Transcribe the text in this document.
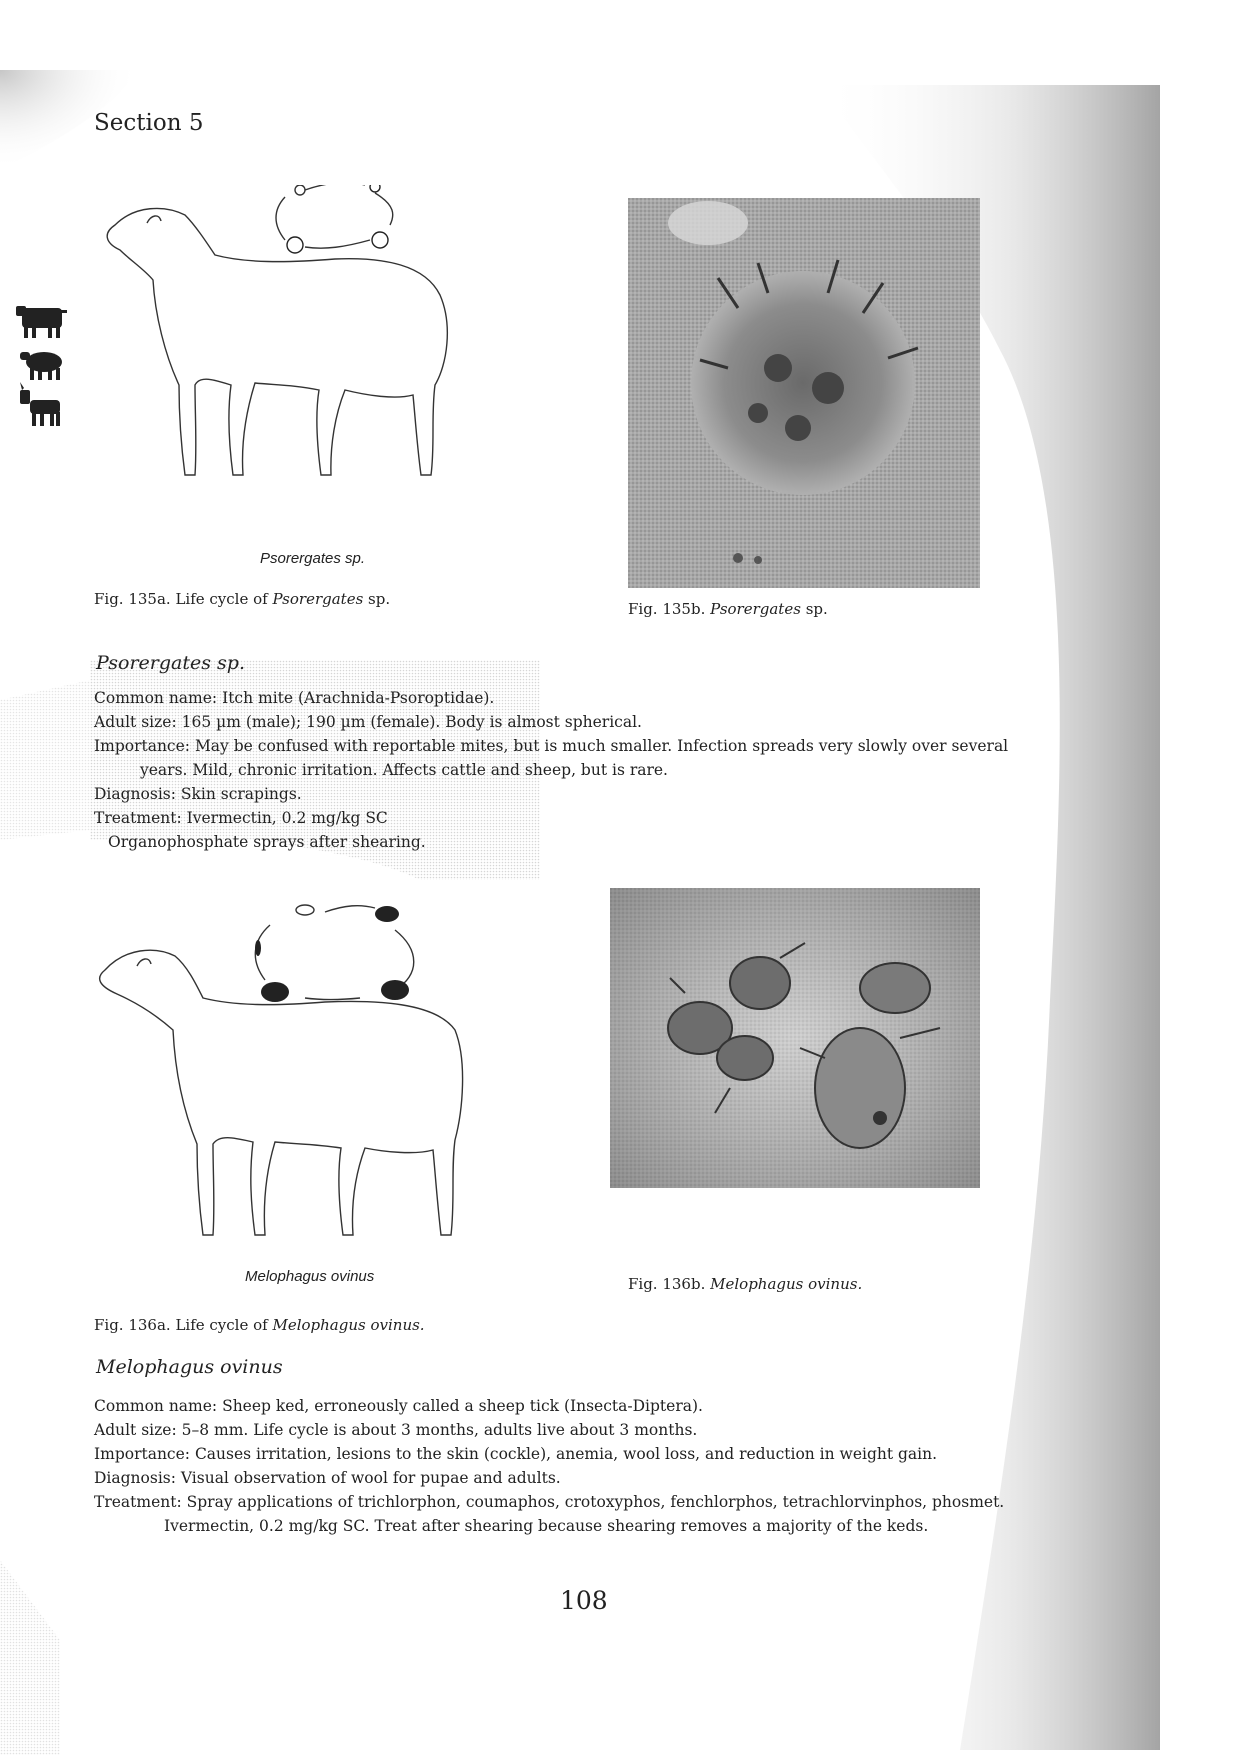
Section 5
Psorergates sp.
Fig. 135a. Life cycle of Psorergates sp.
Fig. 135b. Psorergates sp.
Psorergates sp.
Common name: Itch mite (Arachnida-Psoroptidae).
Adult size: 165 µm (male); 190 µm (female). Body is almost spherical.
Importance: May be confused with reportable mites, but is much smaller. Infection spreads very slowly over several
years. Mild, chronic irritation. Affects cattle and sheep, but is rare.
Diagnosis: Skin scrapings.
Treatment: Ivermectin, 0.2 mg/kg SC
Organophosphate sprays after shearing.
Melophagus ovinus
Fig. 136a. Life cycle of Melophagus ovinus.
Fig. 136b. Melophagus ovinus.
Melophagus ovinus
Common name: Sheep ked, erroneously called a sheep tick (Insecta-Diptera).
Adult size: 5–8 mm. Life cycle is about 3 months, adults live about 3 months.
Importance: Causes irritation, lesions to the skin (cockle), anemia, wool loss, and reduction in weight gain.
Diagnosis: Visual observation of wool for pupae and adults.
Treatment: Spray applications of trichlorphon, coumaphos, crotoxyphos, fenchlorphos, tetrachlorvinphos, phosmet.
Ivermectin, 0.2 mg/kg SC. Treat after shearing because shearing removes a majority of the keds.
108
